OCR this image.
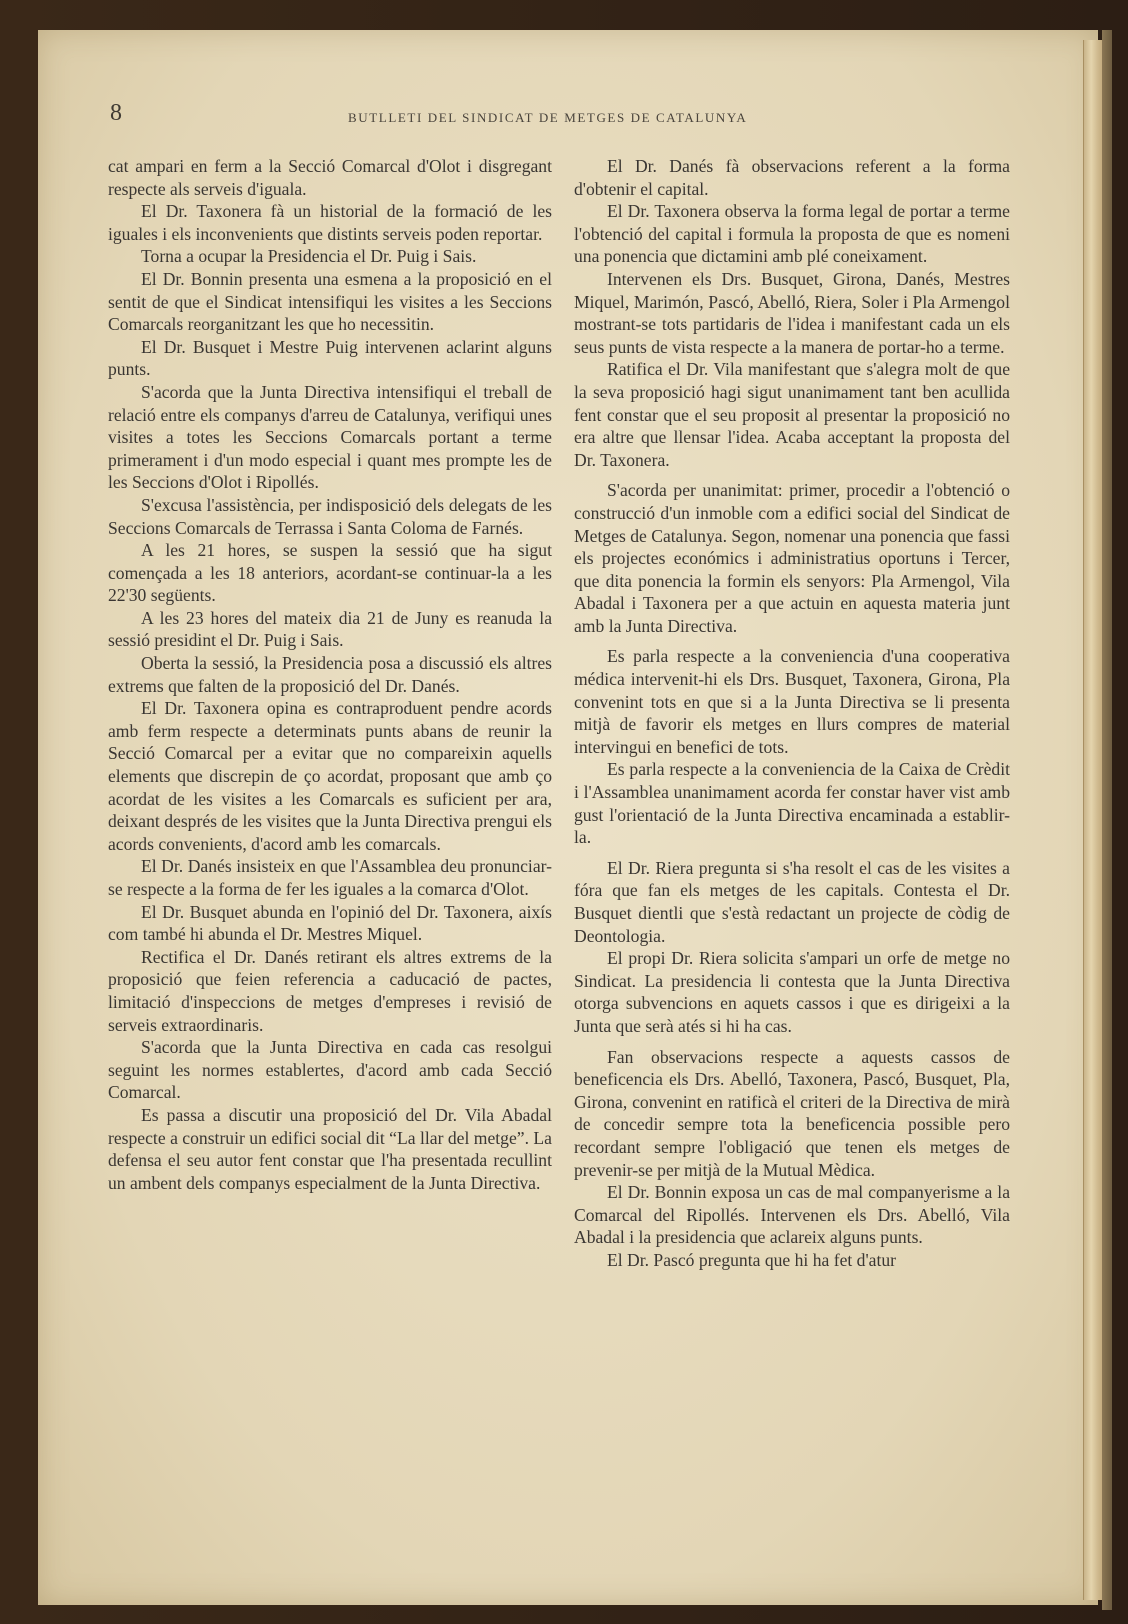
8	BUTLLETI DEL SINDICAT DE METGES DE CATALUNYA

cat ampari en ferm a la Secció Comarcal d'Olot i disgregant respecte als serveis d'iguala.

El Dr. Taxonera fà un historial de la formació de les iguales i els inconvenients que distints serveis poden reportar.

Torna a ocupar la Presidencia el Dr. Puig i Sais.

El Dr. Bonnin presenta una esmena a la proposició en el sentit de que el Sindicat intensifiqui les visites a les Seccions Comarcals reorganitzant les que ho necessitin.

El Dr. Busquet i Mestre Puig intervenen aclarint alguns punts.

S'acorda que la Junta Directiva intensifiqui el treball de relació entre els companys d'arreu de Catalunya, verifiqui unes visites a totes les Seccions Comarcals portant a terme primerament i d'un modo especial i quant mes prompte les de les Seccions d'Olot i Ripollés.

S'excusa l'assistència, per indisposició dels delegats de les Seccions Comarcals de Terrassa i Santa Coloma de Farnés.

A les 21 hores, se suspen la sessió que ha sigut començada a les 18 anteriors, acordant-se continuar-la a les 22'30 següents.

A les 23 hores del mateix dia 21 de Juny es reanuda la sessió presidint el Dr. Puig i Sais.

Oberta la sessió, la Presidencia posa a discussió els altres extrems que falten de la proposició del Dr. Danés.

El Dr. Taxonera opina es contraproduent pendre acords amb ferm respecte a determinats punts abans de reunir la Secció Comarcal per a evitar que no compareixin aquells elements que discrepin de ço acordat, proposant que amb ço acordat de les visites a les Comarcals es suficient per ara, deixant després de les visites que la Junta Directiva prengui els acords convenients, d'acord amb les comarcals.

El Dr. Danés insisteix en que l'Assamblea deu pronunciar-se respecte a la forma de fer les iguales a la comarca d'Olot.

El Dr. Busquet abunda en l'opinió del Dr. Taxonera, aixís com també hi abunda el Dr. Mestres Miquel.

Rectifica el Dr. Danés retirant els altres extrems de la proposició que feien referencia a caducació de pactes, limitació d'inspeccions de metges d'empreses i revisió de serveis extraordinaris.

S'acorda que la Junta Directiva en cada cas resolgui seguint les normes establertes, d'acord amb cada Secció Comarcal.

Es passa a discutir una proposició del Dr. Vila Abadal respecte a construir un edifici social dit “La llar del metge”. La defensa el seu autor fent constar que l'ha presentada recullint un ambent dels companys especialment de la Junta Directiva.

El Dr. Danés fà observacions referent a la forma d'obtenir el capital.

El Dr. Taxonera observa la forma legal de portar a terme l'obtenció del capital i formula la proposta de que es nomeni una ponencia que dictamini amb plé coneixament.

Intervenen els Drs. Busquet, Girona, Danés, Mestres Miquel, Marimón, Pascó, Abelló, Riera, Soler i Pla Armengol mostrant-se tots partidaris de l'idea i manifestant cada un els seus punts de vista respecte a la manera de portar-ho a terme.

Ratifica el Dr. Vila manifestant que s'alegra molt de que la seva proposició hagi sigut unanimament tant ben acullida fent constar que el seu proposit al presentar la proposició no era altre que llensar l'idea. Acaba acceptant la proposta del Dr. Taxonera.

S'acorda per unanimitat: primer, procedir a l'obtenció o construcció d'un inmoble com a edifici social del Sindicat de Metges de Catalunya. Segon, nomenar una ponencia que fassi els projectes económics i administratius oportuns i Tercer, que dita ponencia la formin els senyors: Pla Armengol, Vila Abadal i Taxonera per a que actuin en aquesta materia junt amb la Junta Directiva.

Es parla respecte a la conveniencia d'una cooperativa médica intervenit-hi els Drs. Busquet, Taxonera, Girona, Pla convenint tots en que si a la Junta Directiva se li presenta mitjà de favorir els metges en llurs compres de material intervingui en benefici de tots.

Es parla respecte a la conveniencia de la Caixa de Crèdit i l'Assamblea unanimament acorda fer constar haver vist amb gust l'orientació de la Junta Directiva encaminada a establir-la.

El Dr. Riera pregunta si s'ha resolt el cas de les visites a fóra que fan els metges de les capitals. Contesta el Dr. Busquet dientli que s'està redactant un projecte de còdig de Deontologia.

El propi Dr. Riera solicita s'ampari un orfe de metge no Sindicat. La presidencia li contesta que la Junta Directiva otorga subvencions en aquets cassos i que es dirigeixi a la Junta que serà atés si hi ha cas.

Fan observacions respecte a aquests cassos de beneficencia els Drs. Abelló, Taxonera, Pascó, Busquet, Pla, Girona, convenint en ratificà el criteri de la Directiva de mirà de concedir sempre tota la beneficencia possible pero recordant sempre l'obligació que tenen els metges de prevenir-se per mitjà de la Mutual Mèdica.

El Dr. Bonnin exposa un cas de mal companyerisme a la Comarcal del Ripollés. Intervenen els Drs. Abelló, Vila Abadal i la presidencia que aclareix alguns punts.

El Dr. Pascó pregunta que hi ha fet d'atur
